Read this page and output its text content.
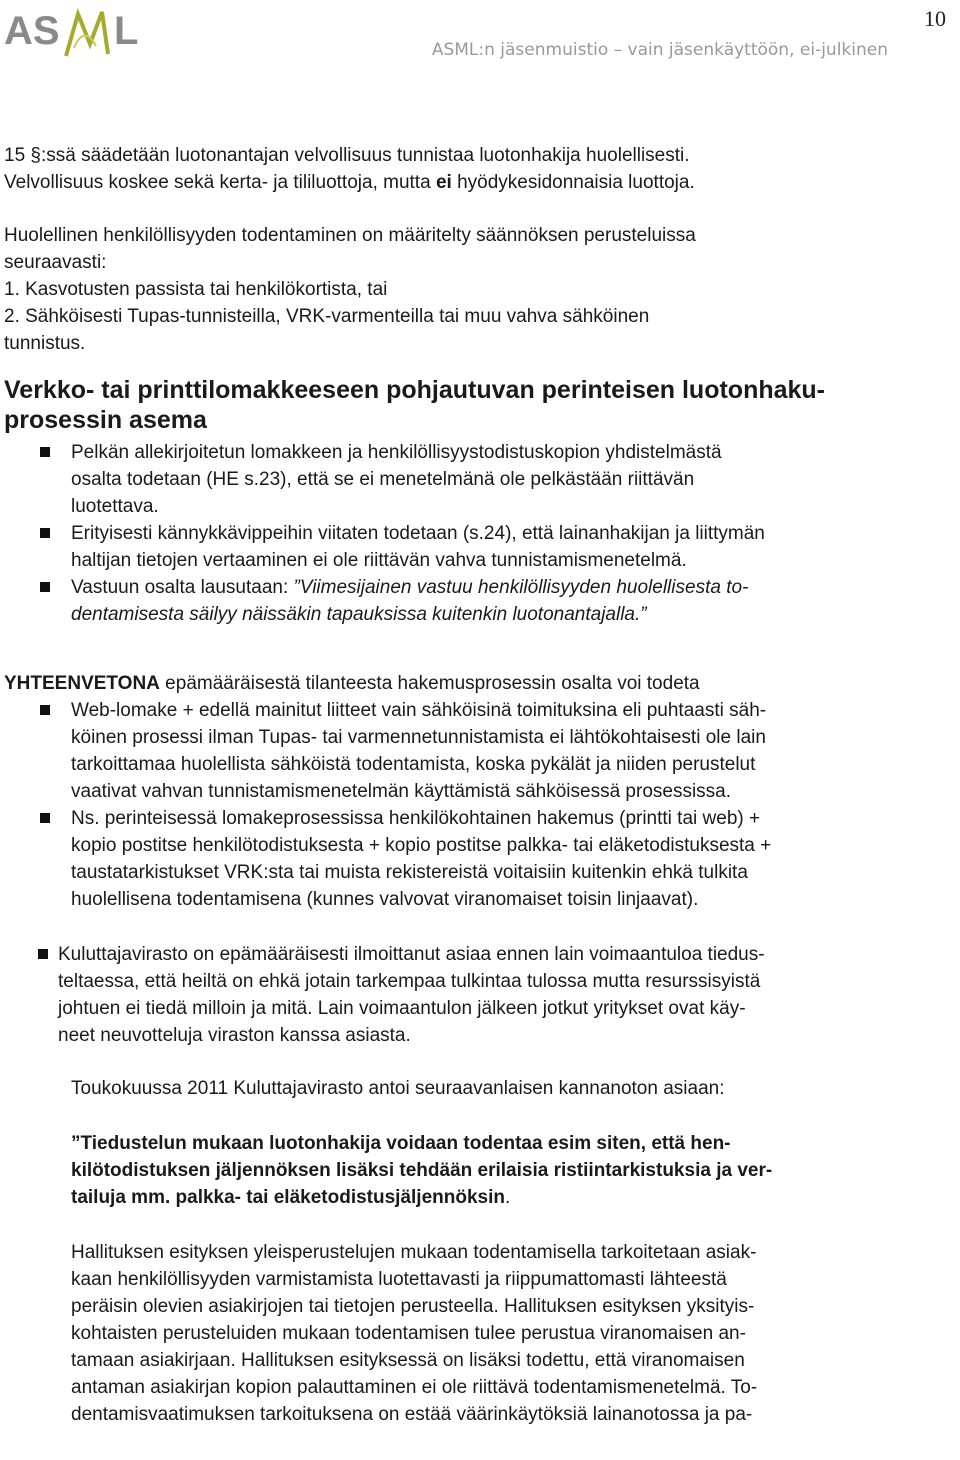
10
AS L	ASML:n jäsenmuistio – vain jäsenkäyttöön, ei-julkinen

15 §:ssä säädetään luotonantajan velvollisuus tunnistaa luotonhakija huolellisesti.

Velvollisuus koskee sekä kerta- ja tililuottoja, mutta ei hyödykesidonnaisia luottoja.

Huolellinen henkilöllisyyden todentaminen on määritelty säännöksen perusteluissa

seuraavasti:

1. Kasvotusten passista tai henkilökortista, tai

2. Sähköisesti Tupas-tunnisteilla, VRK-varmenteilla tai muu vahva sähköinen

tunnistus.

Verkko- tai printtilomakkeeseen pohjautuvan perinteisen luotonhaku-

prosessin asema

Pelkän allekirjoitetun lomakkeen ja henkilöllisyystodistuskopion yhdistelmästä
osalta todetaan (HE s.23), että se ei menetelmänä ole pelkästään riittävän
luotettava.
Erityisesti kännykkävippeihin viitaten todetaan (s.24), että lainanhakijan ja liittymän
haltijan tietojen vertaaminen ei ole riittävän vahva tunnistamismenetelmä.
Vastuun osalta lausutaan: ”Viimesijainen vastuu henkilöllisyyden huolellisesta to-
dentamisesta säilyy näissäkin tapauksissa kuitenkin luotonantajalla.”

YHTEENVETONA epämääräisestä tilanteesta hakemusprosessin osalta voi todeta

Web-lomake + edellä mainitut liitteet vain sähköisinä toimituksina eli puhtaasti säh-
köinen prosessi ilman Tupas- tai varmennetunnistamista ei lähtökohtaisesti ole lain
tarkoittamaa huolellista sähköistä todentamista, koska pykälät ja niiden perustelut
vaativat vahvan tunnistamismenetelmän käyttämistä sähköisessä prosessissa.
Ns. perinteisessä lomakeprosessissa henkilökohtainen hakemus (printti tai web) +
kopio postitse henkilötodistuksesta + kopio postitse palkka- tai eläketodistuksesta +
taustatarkistukset VRK:sta tai muista rekistereistä voitaisiin kuitenkin ehkä tulkita
huolellisena todentamisena (kunnes valvovat viranomaiset toisin linjaavat).
Kuluttajavirasto on epämääräisesti ilmoittanut asiaa ennen lain voimaantuloa tiedus-
teltaessa, että heiltä on ehkä jotain tarkempaa tulkintaa tulossa mutta resurssisyistä
johtuen ei tiedä milloin ja mitä. Lain voimaantulon jälkeen jotkut yritykset ovat käy-
neet neuvotteluja viraston kanssa asiasta.

Toukokuussa 2011 Kuluttajavirasto antoi seuraavanlaisen kannanoton asiaan:

”Tiedustelun mukaan luotonhakija voidaan todentaa esim siten, että hen-

kilötodistuksen jäljennöksen lisäksi tehdään erilaisia ristiintarkistuksia ja ver-

tailuja mm. palkka- tai eläketodistusjäljennöksin.

Hallituksen esityksen yleisperustelujen mukaan todentamisella tarkoitetaan asiak-

kaan henkilöllisyyden varmistamista luotettavasti ja riippumattomasti lähteestä

peräisin olevien asiakirjojen tai tietojen perusteella. Hallituksen esityksen yksityis-

kohtaisten perusteluiden mukaan todentamisen tulee perustua viranomaisen an-

tamaan asiakirjaan. Hallituksen esityksessä on lisäksi todettu, että viranomaisen

antaman asiakirjan kopion palauttaminen ei ole riittävä todentamismenetelmä. To-

dentamisvaatimuksen tarkoituksena on estää väärinkäytöksiä lainanotossa ja pa-
